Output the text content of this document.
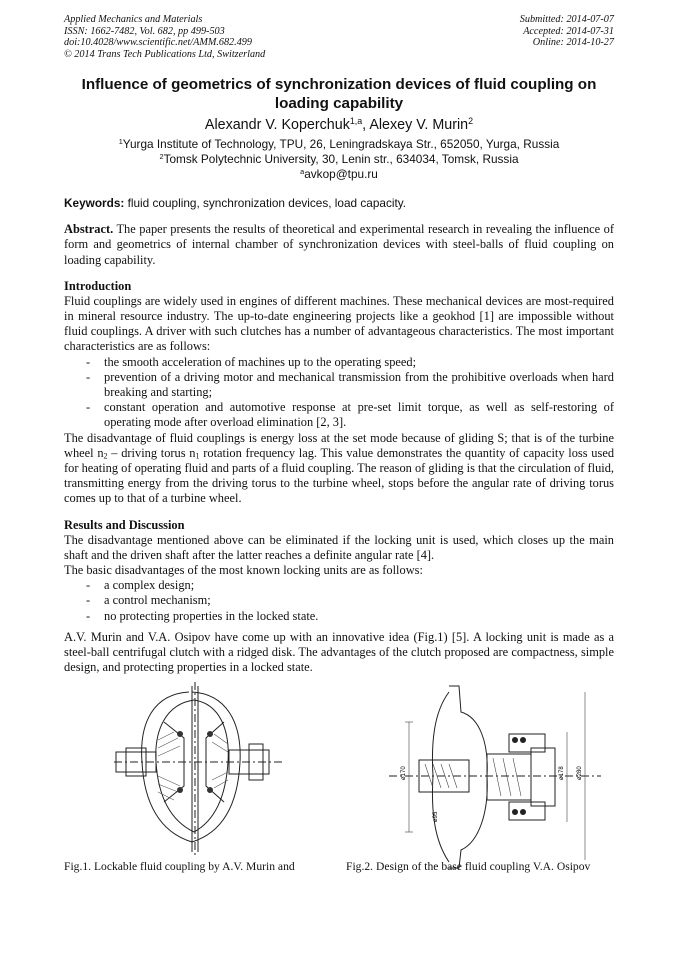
Applied Mechanics and Materials
ISSN: 1662-7482, Vol. 682, pp 499-503
doi:10.4028/www.scientific.net/AMM.682.499
© 2014 Trans Tech Publications Ltd, Switzerland
Submitted: 2014-07-07
Accepted: 2014-07-31
Online: 2014-10-27
Influence of geometrics of synchronization devices of fluid coupling on loading capability
Alexandr V. Koperchuk$^{1,a}$, Alexey V. Murin$^2$
$^1$Yurga Institute of Technology, TPU, 26, Leningradskaya Str., 652050, Yurga, Russia
$^2$Tomsk Polytechnic University, 30, Lenin str., 634034, Tomsk, Russia
$^a$avkop@tpu.ru
Keywords: fluid coupling, synchronization devices, load capacity.

Abstract. The paper presents the results of theoretical and experimental research in revealing the influence of form and geometrics of internal chamber of synchronization devices with steel-balls of fluid coupling on loading capability.

Introduction

Fluid couplings are widely used in engines of different machines. These mechanical devices are most-required in mineral resource industry. The up-to-date engineering projects like a geokhod [1] are impossible without fluid couplings. A driver with such clutches has a number of advantageous characteristics. The most important characteristics are as follows:

- the smooth acceleration of machines up to the operating speed;
- prevention of a driving motor and mechanical transmission from the prohibitive overloads when hard breaking and starting;
- constant operation and automotive response at pre-set limit torque, as well as self-restoring of operating mode after overload elimination [2, 3].

The disadvantage of fluid couplings is energy loss at the set mode because of gliding S; that is of the turbine wheel $n_2$ – driving torus $n_1$ rotation frequency lag. This value demonstrates the quantity of capacity loss used for heating of operating fluid and parts of a fluid coupling. The reason of gliding is that the circulation of fluid, transmitting energy from the driving torus to the turbine wheel, stops before the angular rate of driving torus comes up to that of a turbine wheel.

Results and Discussion

The disadvantage mentioned above can be eliminated if the locking unit is used, which closes up the main shaft and the driven shaft after the latter reaches a definite angular rate [4].

The basic disadvantages of the most known locking units are as follows:

- a complex design;
- a control mechanism;
- no protecting properties in the locked state.

A.V. Murin and V.A. Osipov have come up with an innovative idea (Fig.1) [5]. A locking unit is made as a steel-ball centrifugal clutch with a ridged disk. The advantages of the clutch proposed are compactness, simple design, and protecting properties in a locked state.

ø170	ø178 ø280
ø95
Fig.1. Lockable fluid coupling by A.V. Murin and	Fig.2. Design of the base fluid coupling V.A. Osipov
